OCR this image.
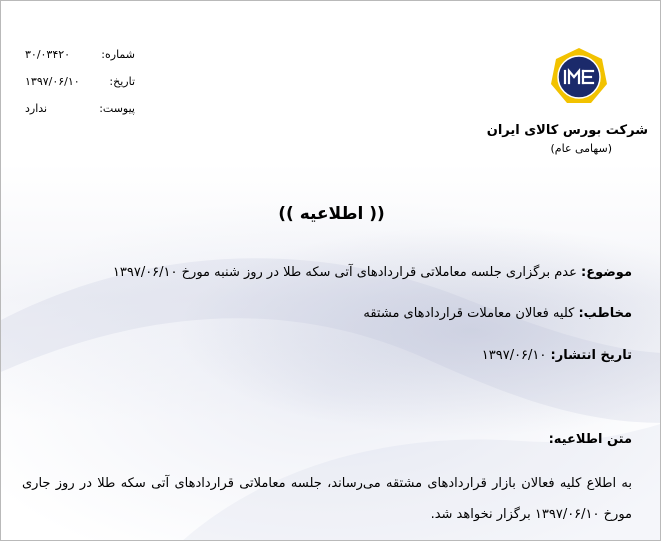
شماره:
۳۰/۰۳۴۲۰
تاریخ:
۱۳۹۷/۰۶/۱۰
پیوست:
ندارد
شرکت بورس کالای ایران
(سهامی عام)
(( اطلاعیه ))
موضوع: عدم برگزاری جلسه معاملاتی قراردادهای آتی سکه طلا در روز شنبه مورخ ۱۳۹۷/۰۶/۱۰
مخاطب: کلیه فعالان معاملات قراردادهای مشتقه
تاریخ انتشار: ۱۳۹۷/۰۶/۱۰
متن اطلاعیه:
به اطلاع کلیه فعالان بازار قراردادهای مشتقه می‌رساند، جلسه معاملاتی قراردادهای آتی سکه طلا در روز جاری مورخ ۱۳۹۷/۰۶/۱۰ برگزار نخواهد شد.
